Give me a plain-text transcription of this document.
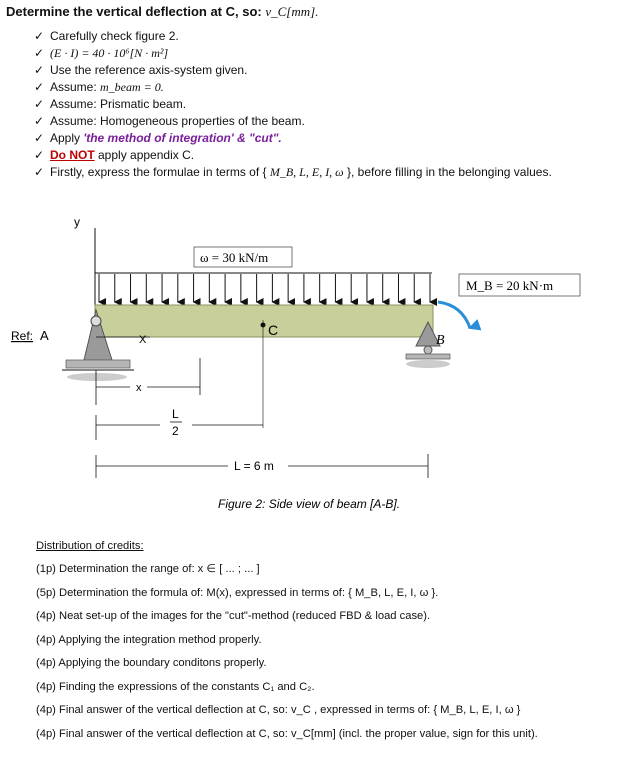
Determine the vertical deflection at C, so: v_C[mm].
✓ Carefully check figure 2.
✓ (E · I) = 40 · 10⁶[N · m²]
✓ Use the reference axis-system given.
✓ Assume: m_beam = 0.
✓ Assume: Prismatic beam.
✓ Assume: Homogeneous properties of the beam.
✓ Apply 'the method of integration' & "cut".
✓ Do NOT apply appendix C.
✓ Firstly, express the formulae in terms of { M_B, L, E, I, ω }, before filling in the belonging values.
y
ω = 30 kN/m
M_B = 20 kN·m
Ref: A	X
C
B
x
L
2
L = 6 m
Figure 2: Side view of beam [A-B].
Distribution of credits:
(1p) Determination the range of: x ∈ [ ... ; ... ]
(5p) Determination the formula of: M(x), expressed in terms of: { M_B, L, E, I, ω }.
(4p) Neat set-up of the images for the "cut"-method (reduced FBD & load case).
(4p) Applying the integration method properly.
(4p) Applying the boundary conditons properly.
(4p) Finding the expressions of the constants C₁ and C₂.
(4p) Final answer of the vertical deflection at C, so: v_C , expressed in terms of: { M_B, L, E, I, ω }
(4p) Final answer of the vertical deflection at C, so: v_C[mm] (incl. the proper value, sign for this unit).
